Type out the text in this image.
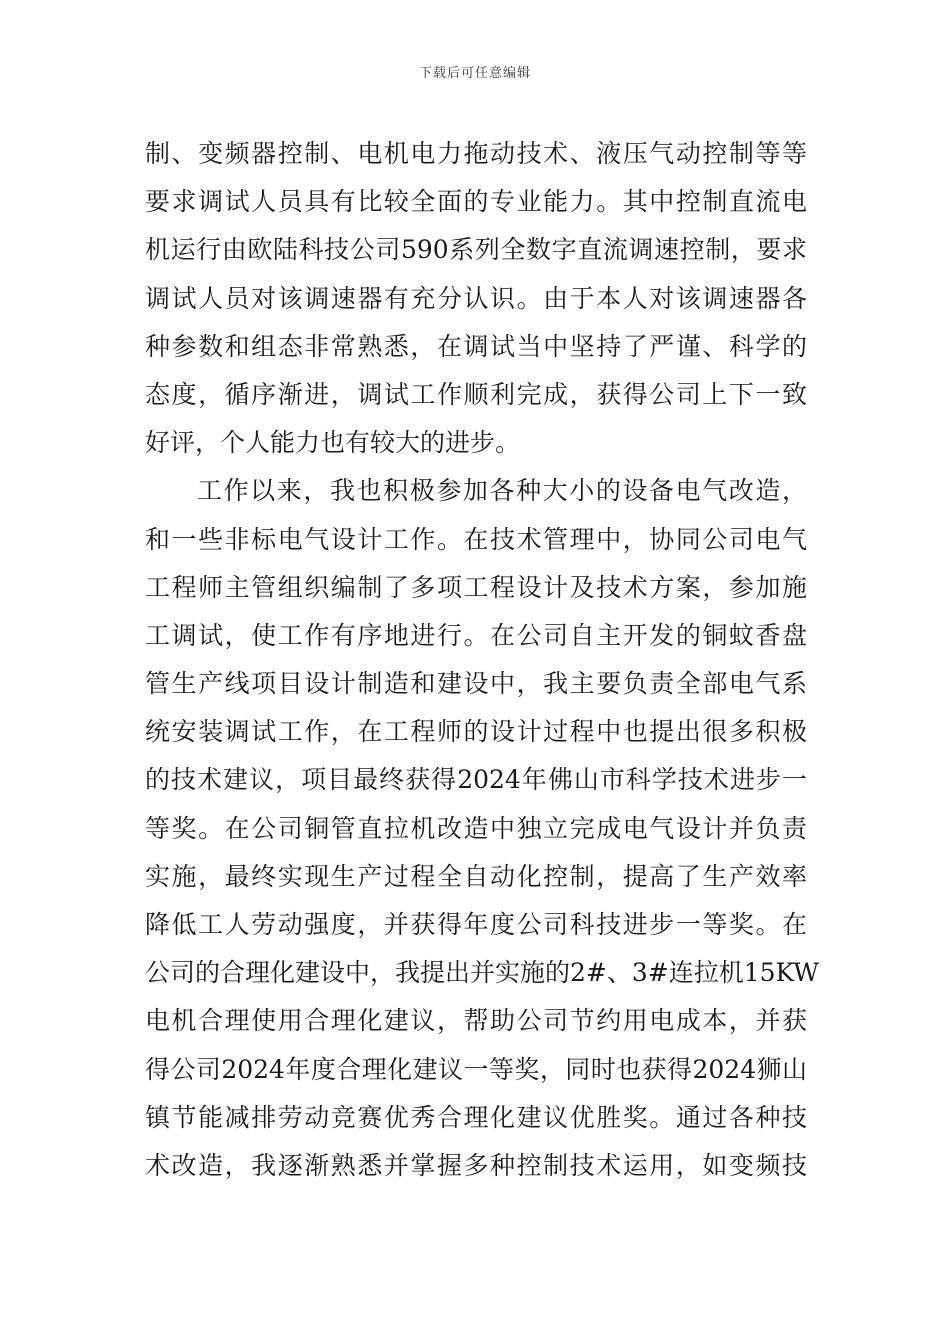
下载后可任意编辑
制、变频器控制、电机电力拖动技术、液压气动控制等等
要求调试人员具有比较全面的专业能力。其中控制直流电
机运行由欧陆科技公司590系列全数字直流调速控制，要求
调试人员对该调速器有充分认识。由于本人对该调速器各
种参数和组态非常熟悉，在调试当中坚持了严谨、科学的
态度，循序渐进，调试工作顺利完成，获得公司上下一致
好评，个人能力也有较大的进步。
工作以来，我也积极参加各种大小的设备电气改造，
和一些非标电气设计工作。在技术管理中，协同公司电气
工程师主管组织编制了多项工程设计及技术方案，参加施
工调试，使工作有序地进行。在公司自主开发的铜蚊香盘
管生产线项目设计制造和建设中，我主要负责全部电气系
统安装调试工作，在工程师的设计过程中也提出很多积极
的技术建议，项目最终获得2024年佛山市科学技术进步一
等奖。在公司铜管直拉机改造中独立完成电气设计并负责
实施，最终实现生产过程全自动化控制，提高了生产效率
降低工人劳动强度，并获得年度公司科技进步一等奖。在
公司的合理化建设中，我提出并实施的2#、3#连拉机15KW
电机合理使用合理化建议，帮助公司节约用电成本，并获
得公司2024年度合理化建议一等奖，同时也获得2024狮山
镇节能减排劳动竞赛优秀合理化建议优胜奖。通过各种技
术改造，我逐渐熟悉并掌握多种控制技术运用，如变频技
